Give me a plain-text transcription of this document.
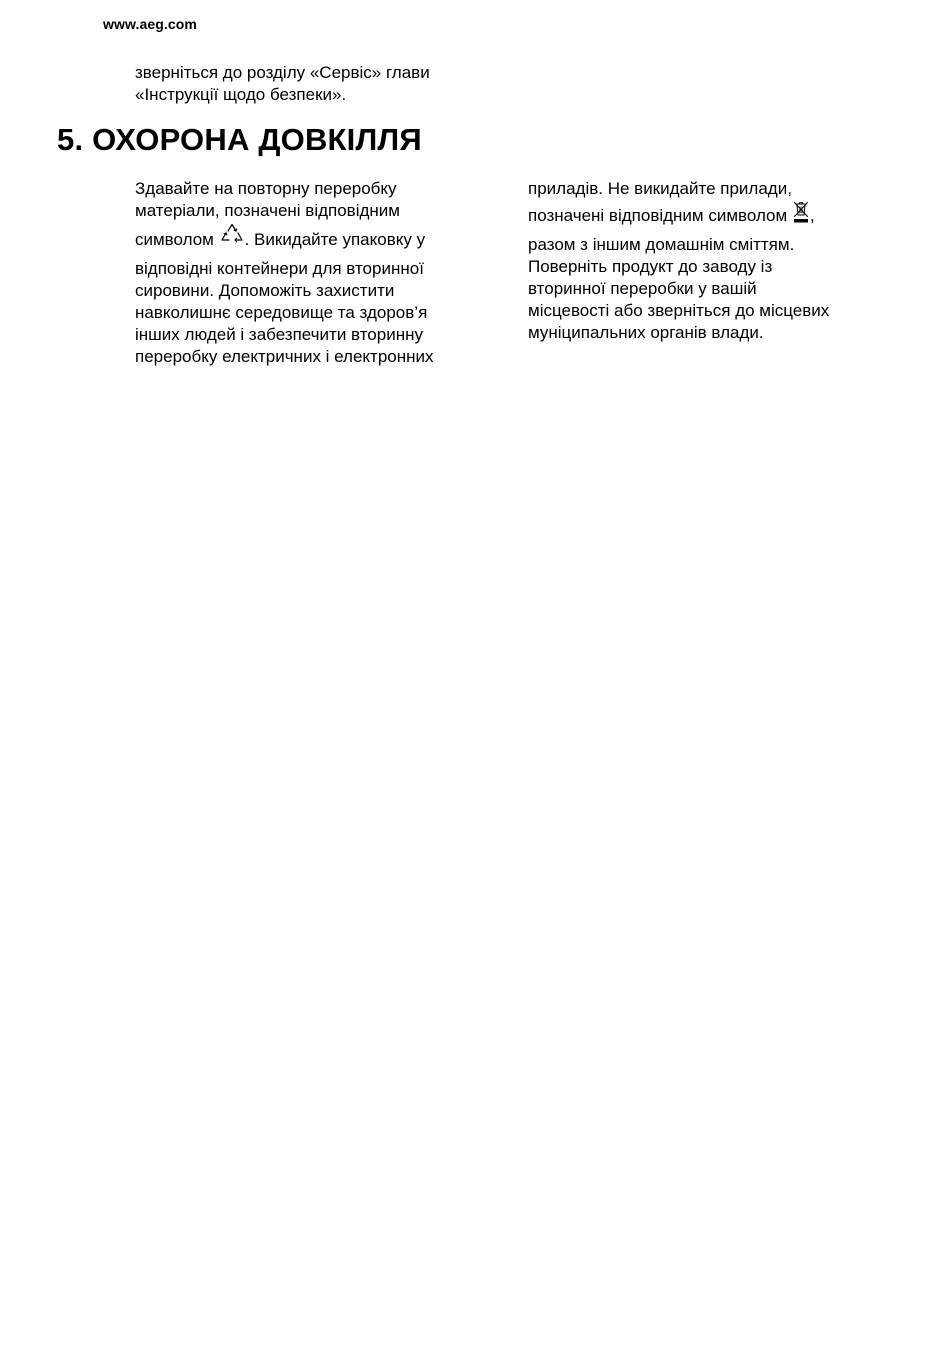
www.aeg.com
зверніться до розділу «Сервіс» глави
«Інструкції щодо безпеки».
5. ОХОРОНА ДОВКІЛЛЯ
Здавайте на повторну переробку
матеріали, позначені відповідним
символом . Викидайте упаковку у
відповідні контейнери для вторинної
сировини. Допоможіть захистити
навколишнє середовище та здоров’я
інших людей і забезпечити вторинну
переробку електричних і електронних
приладів. Не викидайте прилади,
позначені відповідним символом ,
разом з іншим домашнім сміттям.
Поверніть продукт до заводу із
вторинної переробки у вашій
місцевості або зверніться до місцевих
муніципальних органів влади.
